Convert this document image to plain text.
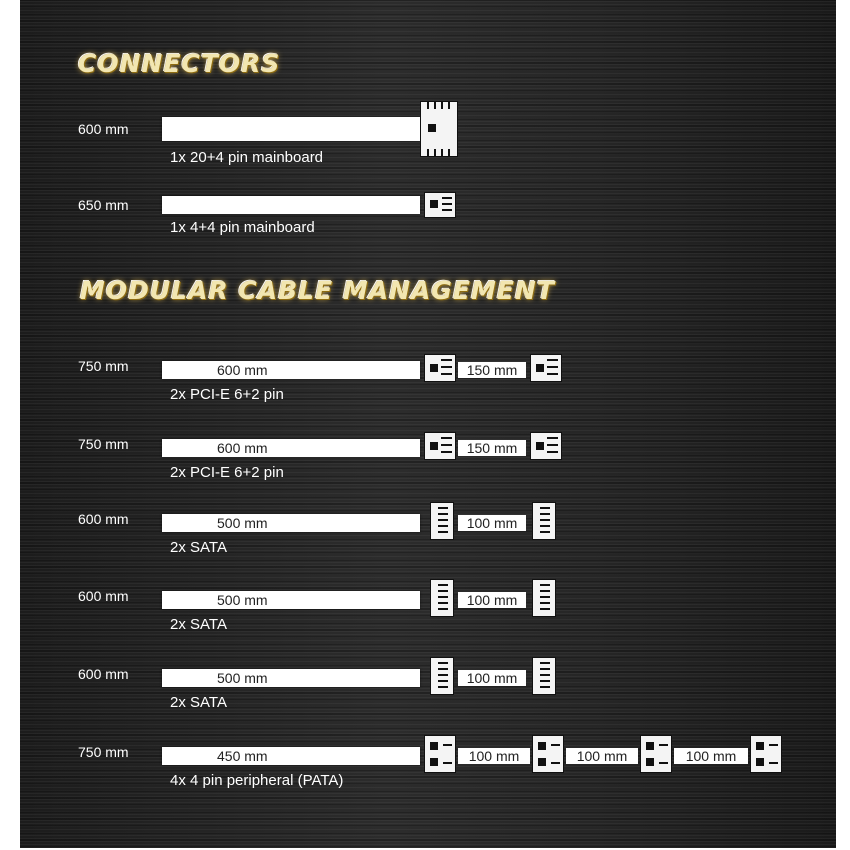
CONNECTORS
600 mm
1x 20+4 pin mainboard
650 mm
1x 4+4 pin mainboard
MODULAR CABLE MANAGEMENT
750 mm	600 mm	150 mm
2x PCI-E 6+2 pin
750 mm	600 mm	150 mm
2x PCI-E 6+2 pin
600 mm	500 mm	100 mm
2x SATA
600 mm	500 mm	100 mm
2x SATA
600 mm	500 mm	100 mm
2x SATA
750 mm	450 mm	100 mm	100 mm	100 mm
4x 4 pin peripheral (PATA)
